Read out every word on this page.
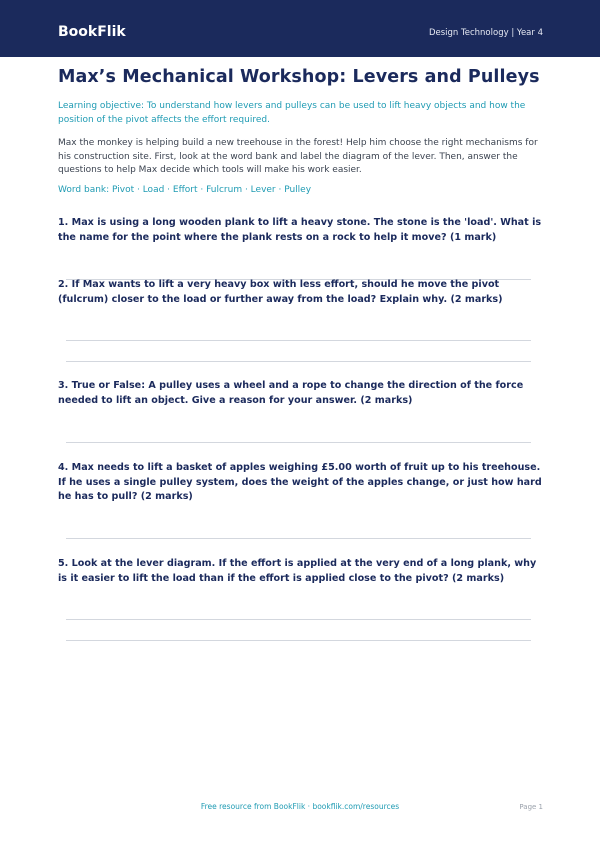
BookFlik	Design Technology | Year 4
Max’s Mechanical Workshop: Levers and Pulleys
Learning objective: To understand how levers and pulleys can be used to lift heavy objects and how the position of the pivot affects the effort required.
Max the monkey is helping build a new treehouse in the forest! Help him choose the right mechanisms for his construction site. First, look at the word bank and label the diagram of the lever. Then, answer the questions to help Max decide which tools will make his work easier.
Word bank: Pivot · Load · Effort · Fulcrum · Lever · Pulley
1. Max is using a long wooden plank to lift a heavy stone. The stone is the 'load'. What is the name for the point where the plank rests on a rock to help it move? (1 mark)
2. If Max wants to lift a very heavy box with less effort, should he move the pivot (fulcrum) closer to the load or further away from the load? Explain why. (2 marks)
3. True or False: A pulley uses a wheel and a rope to change the direction of the force needed to lift an object. Give a reason for your answer. (2 marks)
4. Max needs to lift a basket of apples weighing £5.00 worth of fruit up to his treehouse. If he uses a single pulley system, does the weight of the apples change, or just how hard he has to pull? (2 marks)
5. Look at the lever diagram. If the effort is applied at the very end of a long plank, why is it easier to lift the load than if the effort is applied close to the pivot? (2 marks)
Free resource from BookFlik · bookflik.com/resources	Page 1
